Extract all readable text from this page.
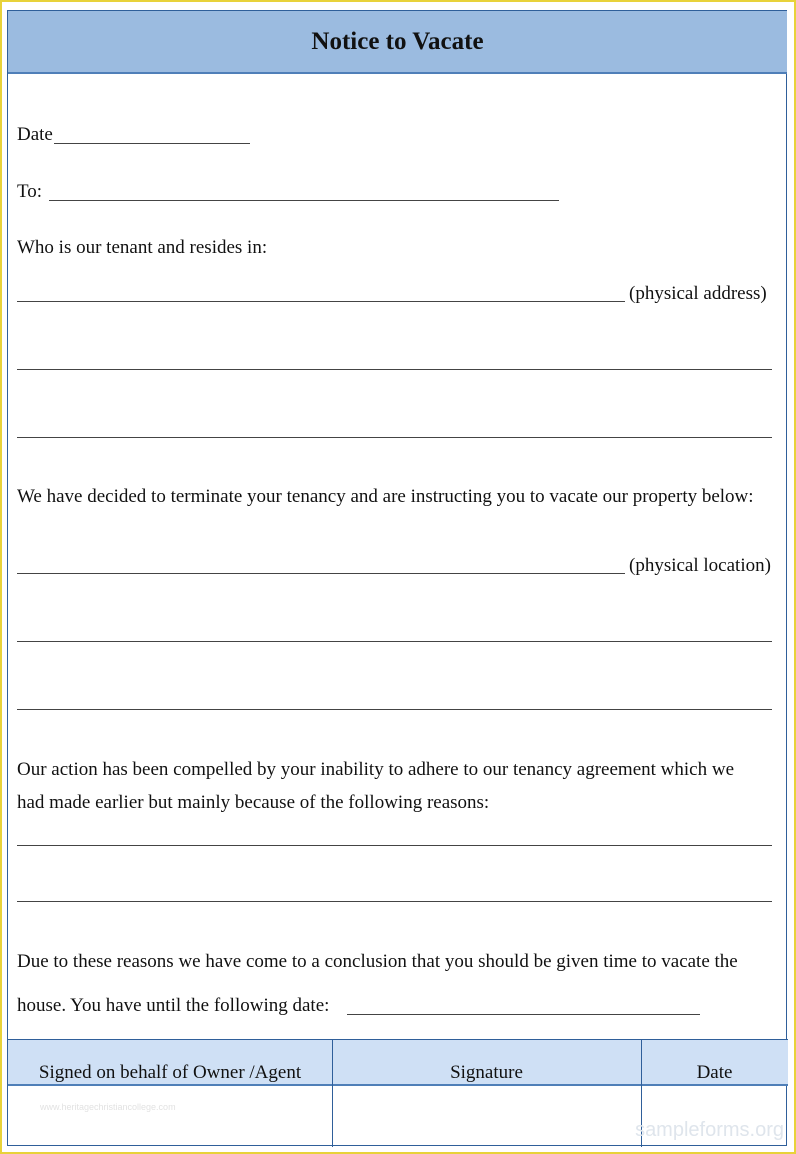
Notice to Vacate
Date
To:
Who is our tenant and resides in:
(physical address)
We have decided to terminate your tenancy and are instructing you to vacate our property below:
(physical location)
Our action has been compelled by your inability to adhere to our tenancy agreement which we
had made earlier but mainly because of the following reasons:
Due to these reasons we have come to a conclusion that you should be given time to vacate the
house. You have until the following date:
Signed on behalf of Owner /Agent	Signature	Date
www.heritagechristiancollege.com
sampleforms.org
